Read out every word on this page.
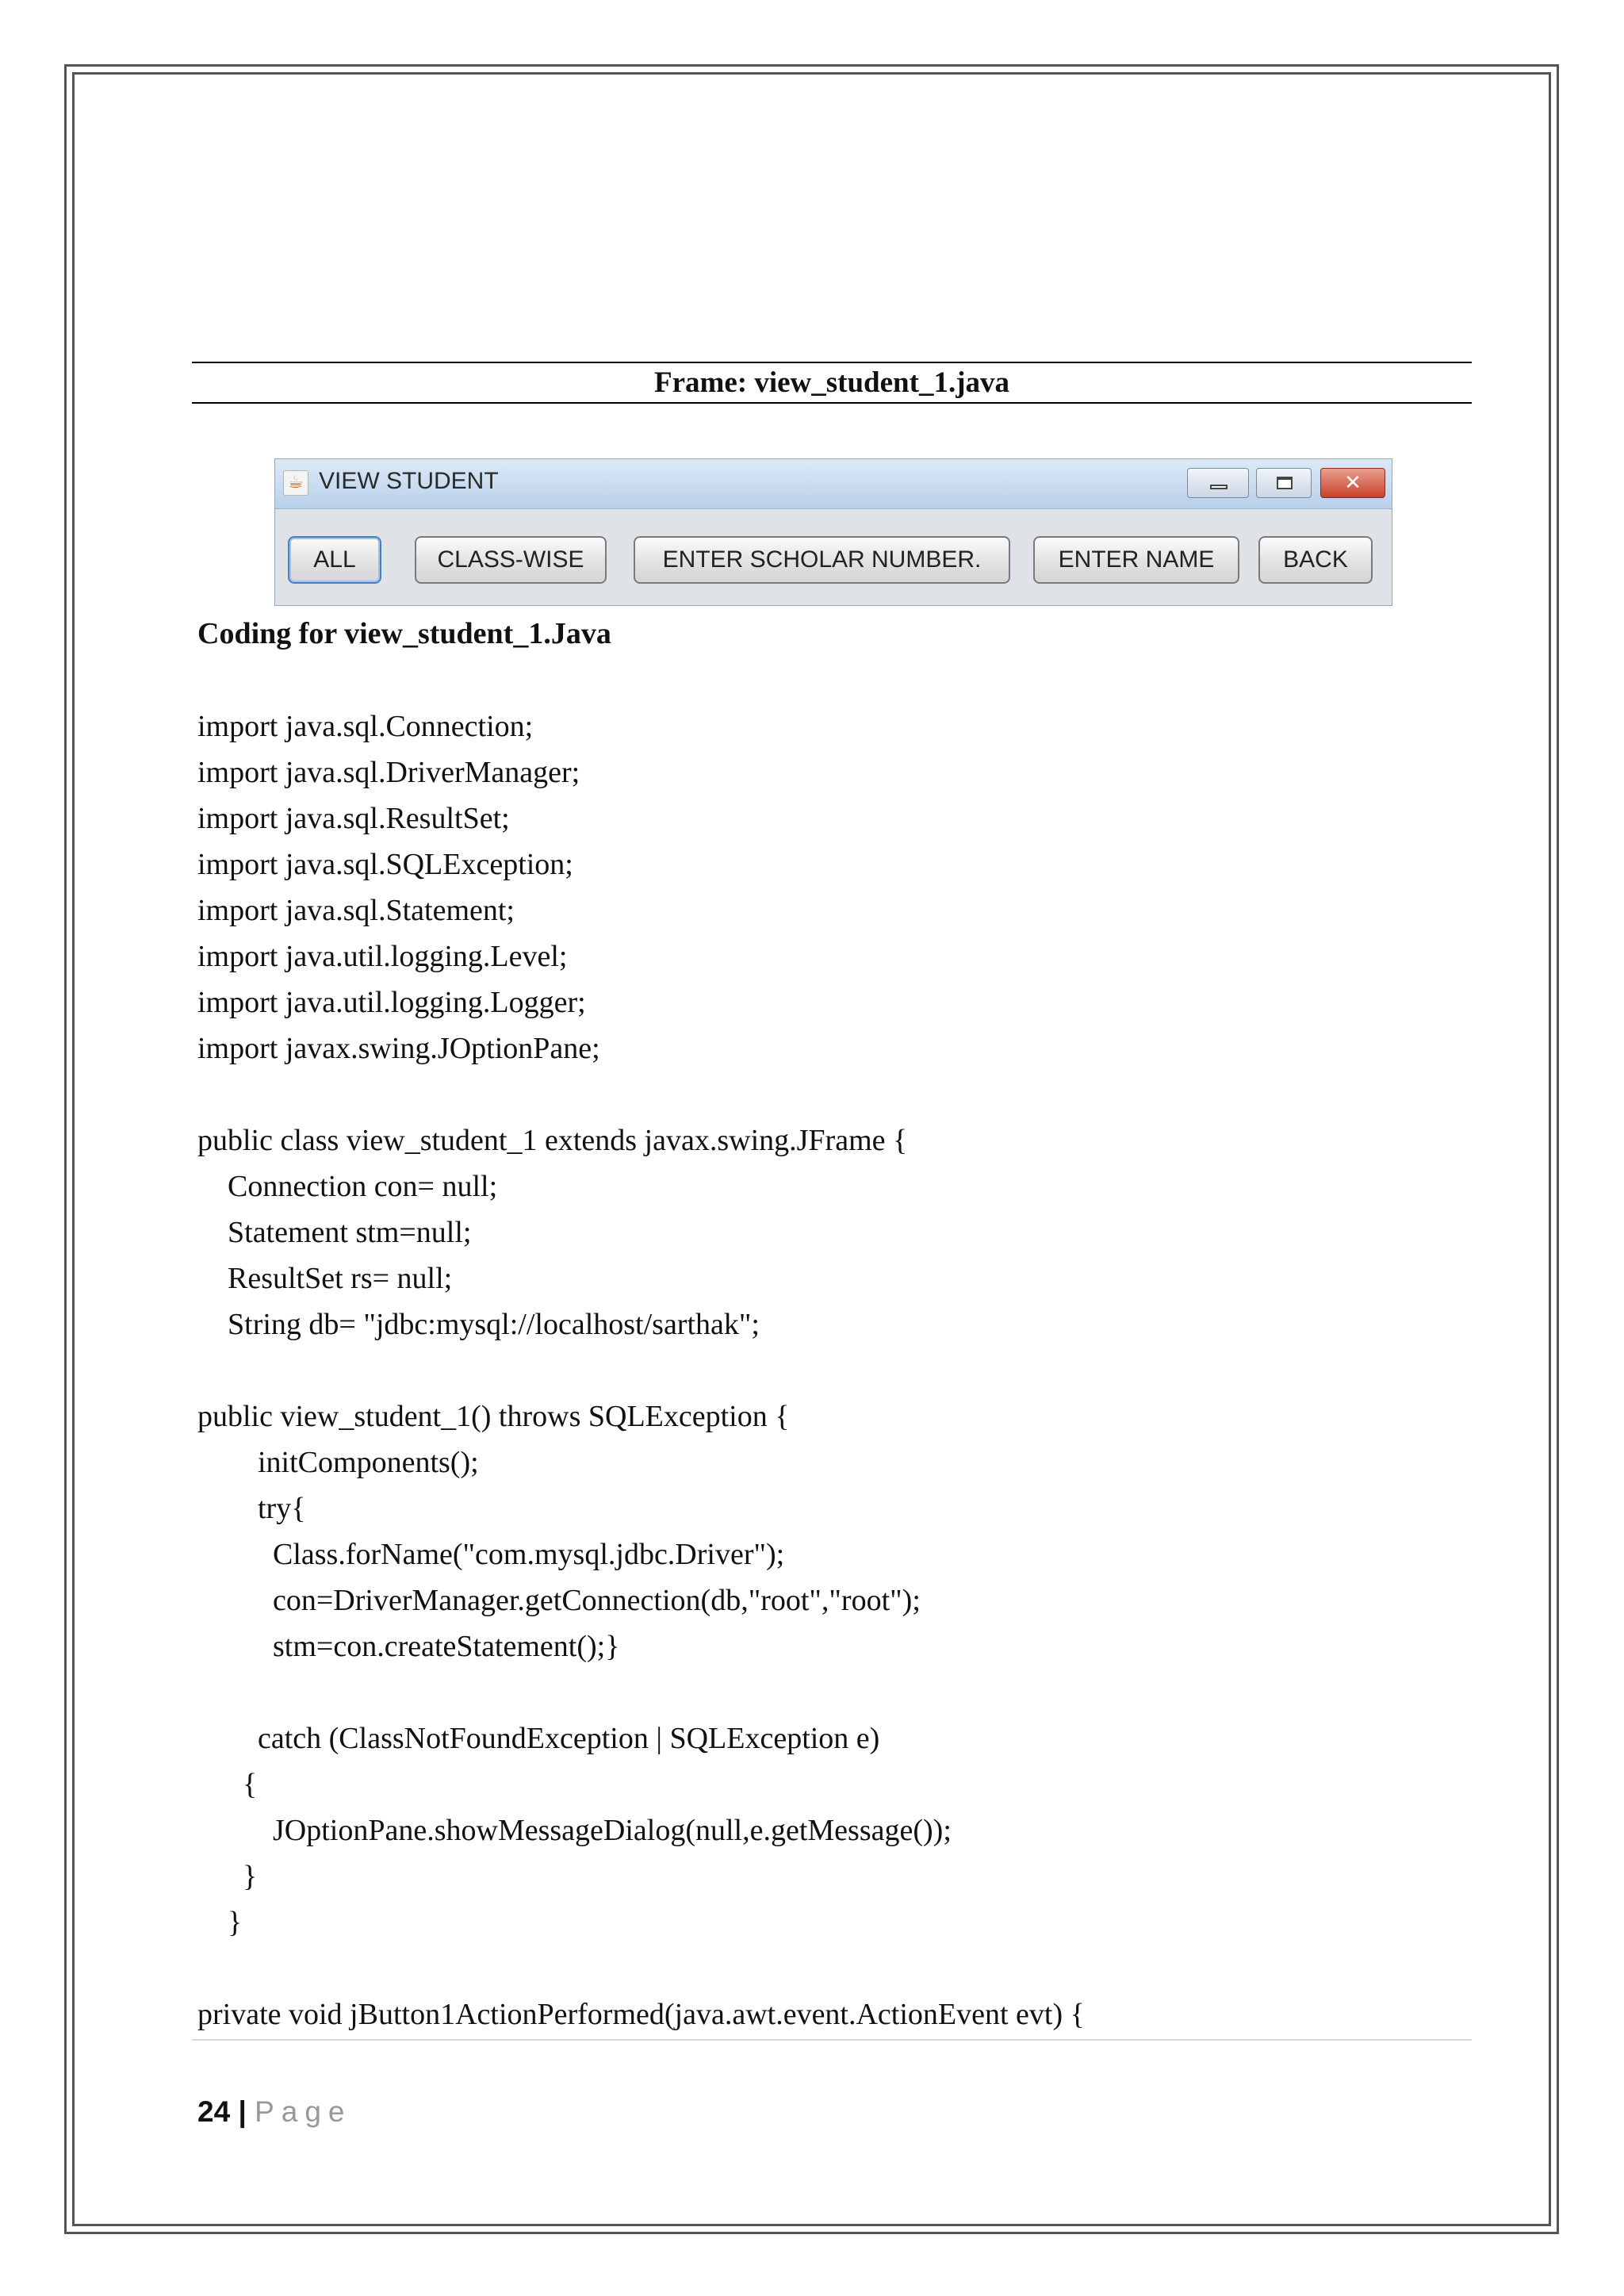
Frame: view_student_1.java
☕ VIEW STUDENT	✕
ALL	CLASS-WISE	ENTER SCHOLAR NUMBER.	ENTER NAME	BACK
Coding for view_student_1.Java
import java.sql.Connection;
import java.sql.DriverManager;
import java.sql.ResultSet;
import java.sql.SQLException;
import java.sql.Statement;
import java.util.logging.Level;
import java.util.logging.Logger;
import javax.swing.JOptionPane;
public class view_student_1 extends javax.swing.JFrame {
Connection con= null;
Statement stm=null;
ResultSet rs= null;
String db= "jdbc:mysql://localhost/sarthak";
public view_student_1() throws SQLException {
initComponents();
try{
Class.forName("com.mysql.jdbc.Driver");
con=DriverManager.getConnection(db,"root","root");
stm=con.createStatement();}
catch (ClassNotFoundException | SQLException e)
{
JOptionPane.showMessageDialog(null,e.getMessage());
}
}
private void jButton1ActionPerformed(java.awt.event.ActionEvent evt) {
24 | Page
